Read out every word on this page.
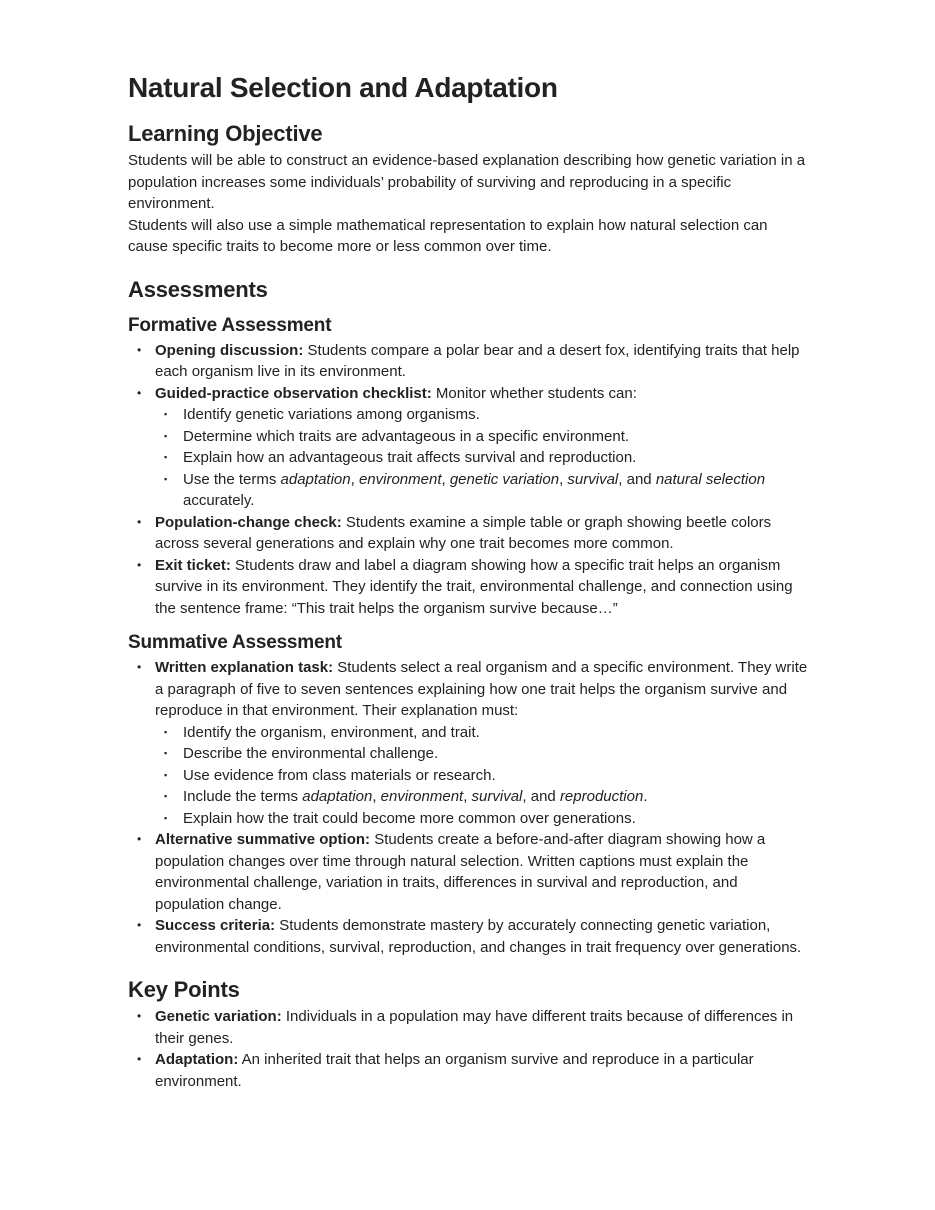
Natural Selection and Adaptation
Learning Objective

Students will be able to construct an evidence-based explanation describing how genetic variation in a population increases some individuals’ probability of surviving and reproducing in a specific environment.

Students will also use a simple mathematical representation to explain how natural selection can cause specific traits to become more or less common over time.

Assessments
Formative Assessment
• Opening discussion: Students compare a polar bear and a desert fox, identifying traits that help each organism live in its environment.
• Guided-practice observation checklist: Monitor whether students can:
▪ Identify genetic variations among organisms.
▪ Determine which traits are advantageous in a specific environment.
▪ Explain how an advantageous trait affects survival and reproduction.
▪ Use the terms adaptation, environment, genetic variation, survival, and natural selection accurately.
• Population-change check: Students examine a simple table or graph showing beetle colors across several generations and explain why one trait becomes more common.
• Exit ticket: Students draw and label a diagram showing how a specific trait helps an organism survive in its environment. They identify the trait, environmental challenge, and connection using the sentence frame: “This trait helps the organism survive because…”
Summative Assessment
• Written explanation task: Students select a real organism and a specific environment. They write a paragraph of five to seven sentences explaining how one trait helps the organism survive and reproduce in that environment. Their explanation must:
▪ Identify the organism, environment, and trait.
▪ Describe the environmental challenge.
▪ Use evidence from class materials or research.
▪ Include the terms adaptation, environment, survival, and reproduction.
▪ Explain how the trait could become more common over generations.
• Alternative summative option: Students create a before-and-after diagram showing how a population changes over time through natural selection. Written captions must explain the environmental challenge, variation in traits, differences in survival and reproduction, and population change.
• Success criteria: Students demonstrate mastery by accurately connecting genetic variation, environmental conditions, survival, reproduction, and changes in trait frequency over generations.
Key Points
• Genetic variation: Individuals in a population may have different traits because of differences in their genes.
• Adaptation: An inherited trait that helps an organism survive and reproduce in a particular environment.
